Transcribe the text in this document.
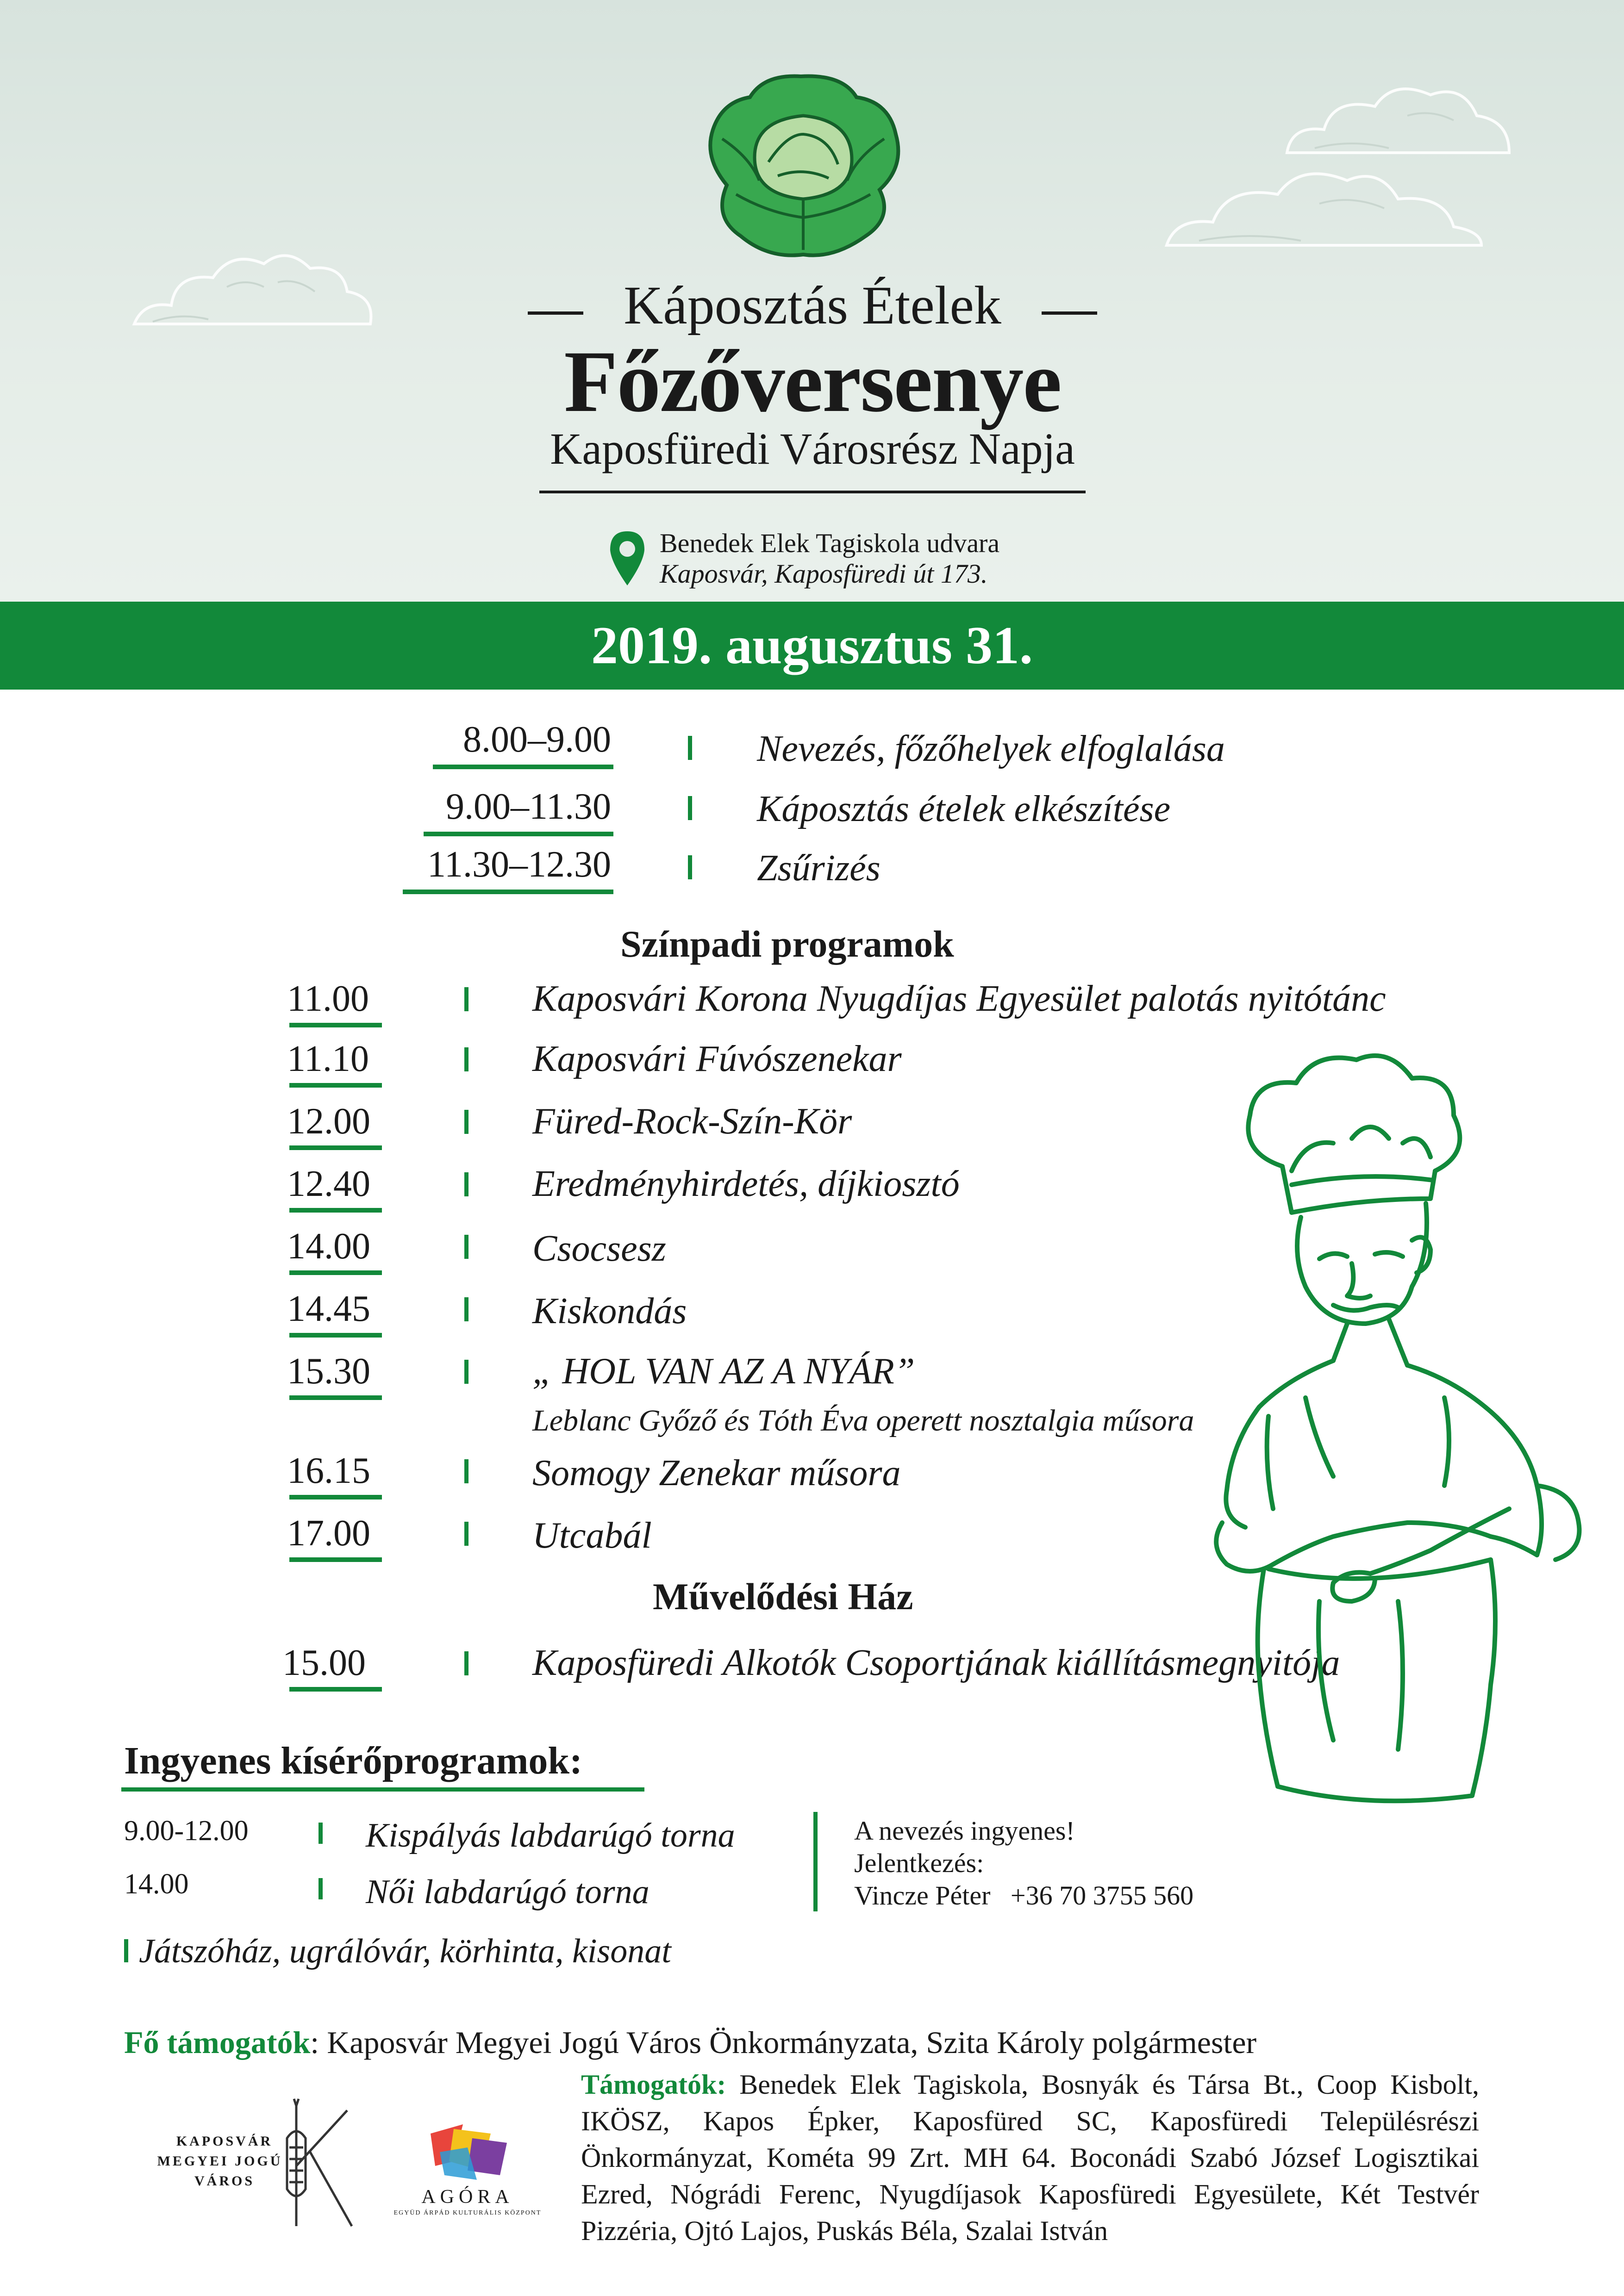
Káposztás Ételek
Főzőversenye
Kaposfüredi Városrész Napja
Benedek Elek Tagiskola udvara
Kaposvár, Kaposfüredi út 173.
2019. augusztus 31.
8.00–9.00	Nevezés, főzőhelyek elfoglalása
9.00–11.30	Káposztás ételek elkészítése
11.30–12.30	Zsűrizés
Színpadi programok
11.00	Kaposvári Korona Nyugdíjas Egyesület palotás nyitótánc
11.10	Kaposvári Fúvószenekar
12.00	Füred-Rock-Szín-Kör
12.40	Eredményhirdetés, díjkiosztó
14.00	Csocsesz
14.45	Kiskondás
15.30	„ HOL VAN AZ A NYÁR”
Leblanc Győző és Tóth Éva operett nosztalgia műsora
16.15	Somogy Zenekar műsora
17.00	Utcabál
Művelődési Ház
15.00	Kaposfüredi Alkotók Csoportjának kiállításmegnyitója
Ingyenes kísérőprogramok:
9.00-12.00	Kispályás labdarúgó torna
14.00	Női labdarúgó torna
A nevezés ingyenes!
Jelentkezés:
Vincze Péter   +36 70 3755 560
Játszóház, ugrálóvár, körhinta, kisonat
Fő támogatók: Kaposvár Megyei Jogú Város Önkormányzata, Szita Károly polgármester
Támogatók: Benedek Elek Tagiskola, Bosnyák és Társa Bt., Coop Kisbolt, IKÖSZ, Kapos Épker, Kaposfüred SC, Kaposfüredi Településrészi Önkormányzat, Kométa 99 Zrt. MH 64. Boconádi Szabó József Logisztikai Ezred, Nógrádi Ferenc, Nyugdíjasok Kaposfüredi Egyesülete, Két Testvér Pizzéria, Ojtó Lajos, Puskás Béla, Szalai István
KAPOSVÁR
MEGYEI JOGÚ
VÁROS
AGÓRA
EGYÜD ÁRPÁD KULTURÁLIS KÖZPONT
